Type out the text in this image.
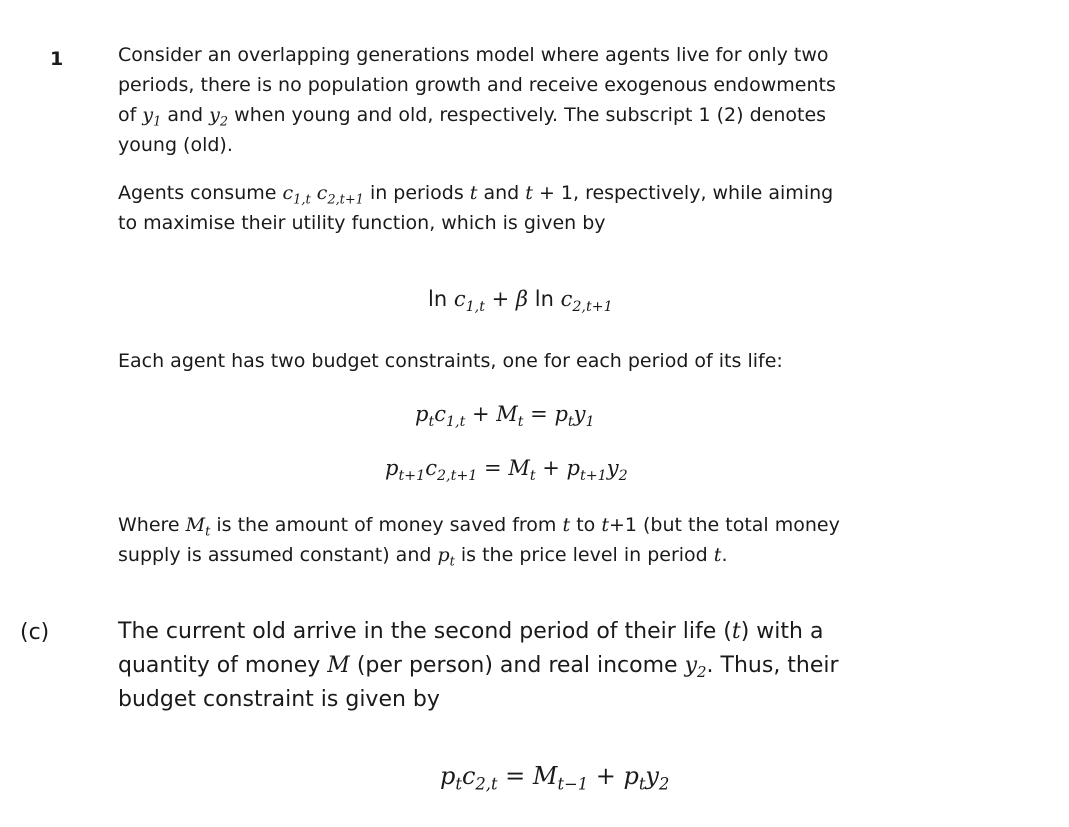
1	Consider an overlapping generations model where agents live for only two
periods, there is no population growth and receive exogenous endowments
of $y_1$ and $y_2$ when young and old, respectively. The subscript 1 (2) denotes
young (old).
Agents consume $c_{1,t}$ $c_{2,t+1}$ in periods t and t + 1, respectively, while aiming
to maximise their utility function, which is given by
$\ln c_{1,t} + \beta$ $\ln c_{2,t+1}$
Each agent has two budget constraints, one for each period of its life:
$p_tc_{1,t} + M_t = p_ty_1$
$p_{t+1}c_{2,t+1} = M_t + p_{t+1}y_2$
Where $M_t$ is the amount of money saved from t to t+1 (but the total money
supply is assumed constant) and $p_t$ is the price level in period t.
(c)	The current old arrive in the second period of their life (t) with a
quantity of money M (per person) and real income $y_2$. Thus, their
budget constraint is given by
$p_tc_{2,t} = M_{t-1} + p_ty_2$
